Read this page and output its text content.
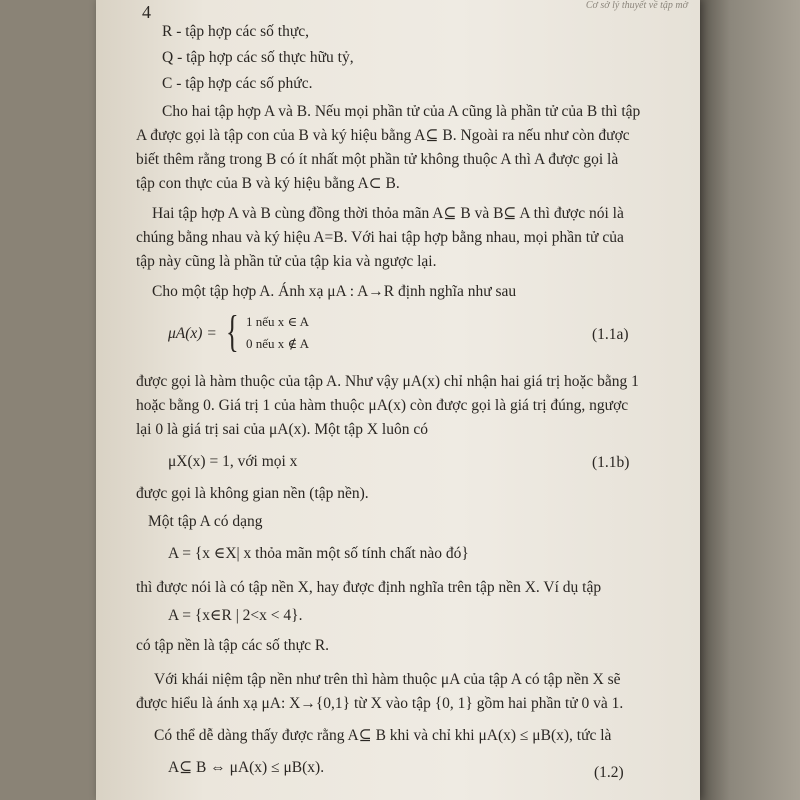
4	Cơ sở lý thuyết về tập mờ
R - tập hợp các số thực,
Q - tập hợp các số thực hữu tỷ,
C - tập hợp các số phức.
Cho hai tập hợp A và B. Nếu mọi phần tử của A cũng là phần tử của B thì tập
A được gọi là tập con của B và ký hiệu bằng A⊆ B. Ngoài ra nếu như còn được
biết thêm rằng trong B có ít nhất một phần tử không thuộc A thì A được gọi là
tập con thực của B và ký hiệu bằng A⊂ B.
Hai tập hợp A và B cùng đồng thời thỏa mãn A⊆ B và B⊆ A thì được nói là
chúng bằng nhau và ký hiệu A=B. Với hai tập hợp bằng nhau, mọi phần tử của
tập này cũng là phần tử của tập kia và ngược lại.
Cho một tập hợp A. Ánh xạ μA : A→R định nghĩa như sau
μA(x) = { 1 nếu x ∈ A
0 nếu x ∉ A
(1.1a)
được gọi là hàm thuộc của tập A. Như vậy μA(x) chỉ nhận hai giá trị hoặc bằng 1
hoặc bằng 0. Giá trị 1 của hàm thuộc μA(x) còn được gọi là giá trị đúng, ngược
lại 0 là giá trị sai của μA(x). Một tập X luôn có
μX(x) = 1, với mọi x	(1.1b)
được gọi là không gian nền (tập nền).
Một tập A có dạng
A = {x ∈X| x thỏa mãn một số tính chất nào đó}
thì được nói là có tập nền X, hay được định nghĩa trên tập nền X. Ví dụ tập
A = {x∈R | 2<x < 4}.
có tập nền là tập các số thực R.
Với khái niệm tập nền như trên thì hàm thuộc μA của tập A có tập nền X sẽ
được hiểu là ánh xạ μA: X→{0,1} từ X vào tập {0, 1} gồm hai phần tử 0 và 1.
Có thể dễ dàng thấy được rằng A⊆ B khi và chỉ khi μA(x) ≤ μB(x), tức là
A⊆ B ⇔ μA(x) ≤ μB(x).	(1.2)
